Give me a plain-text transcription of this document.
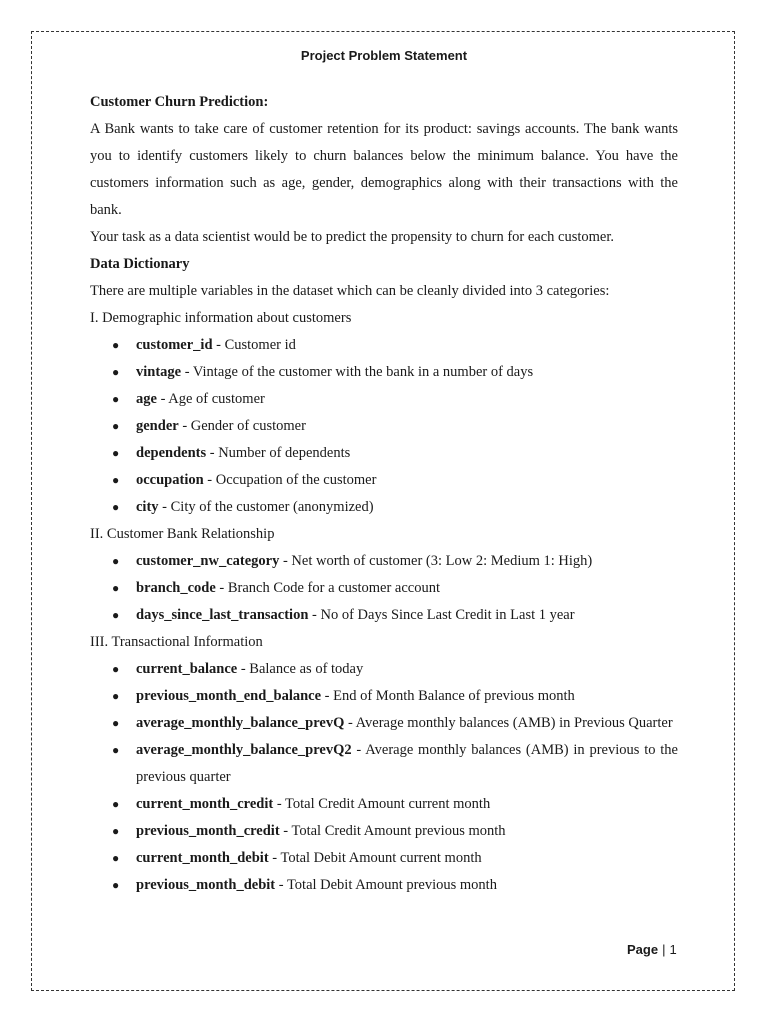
Project Problem Statement

Customer Churn Prediction:

A Bank wants to take care of customer retention for its product: savings accounts. The bank wants you to identify customers likely to churn balances below the minimum balance. You have the customers information such as age, gender, demographics along with their transactions with the bank.

Your task as a data scientist would be to predict the propensity to churn for each customer.

Data Dictionary

There are multiple variables in the dataset which can be cleanly divided into 3 categories:

I. Demographic information about customers

● customer_id - Customer id
● vintage - Vintage of the customer with the bank in a number of days
● age - Age of customer
● gender - Gender of customer
● dependents - Number of dependents
● occupation - Occupation of the customer
● city - City of the customer (anonymized)

II. Customer Bank Relationship

● customer_nw_category - Net worth of customer (3: Low 2: Medium 1: High)
● branch_code - Branch Code for a customer account
● days_since_last_transaction - No of Days Since Last Credit in Last 1 year

III. Transactional Information

● current_balance - Balance as of today
● previous_month_end_balance - End of Month Balance of previous month
● average_monthly_balance_prevQ - Average monthly balances (AMB) in Previous Quarter
● average_monthly_balance_prevQ2 - Average monthly balances (AMB) in previous to the previous quarter
● current_month_credit - Total Credit Amount current month
● previous_month_credit - Total Credit Amount previous month
● current_month_debit - Total Debit Amount current month
● previous_month_debit - Total Debit Amount previous month
Page | 1
